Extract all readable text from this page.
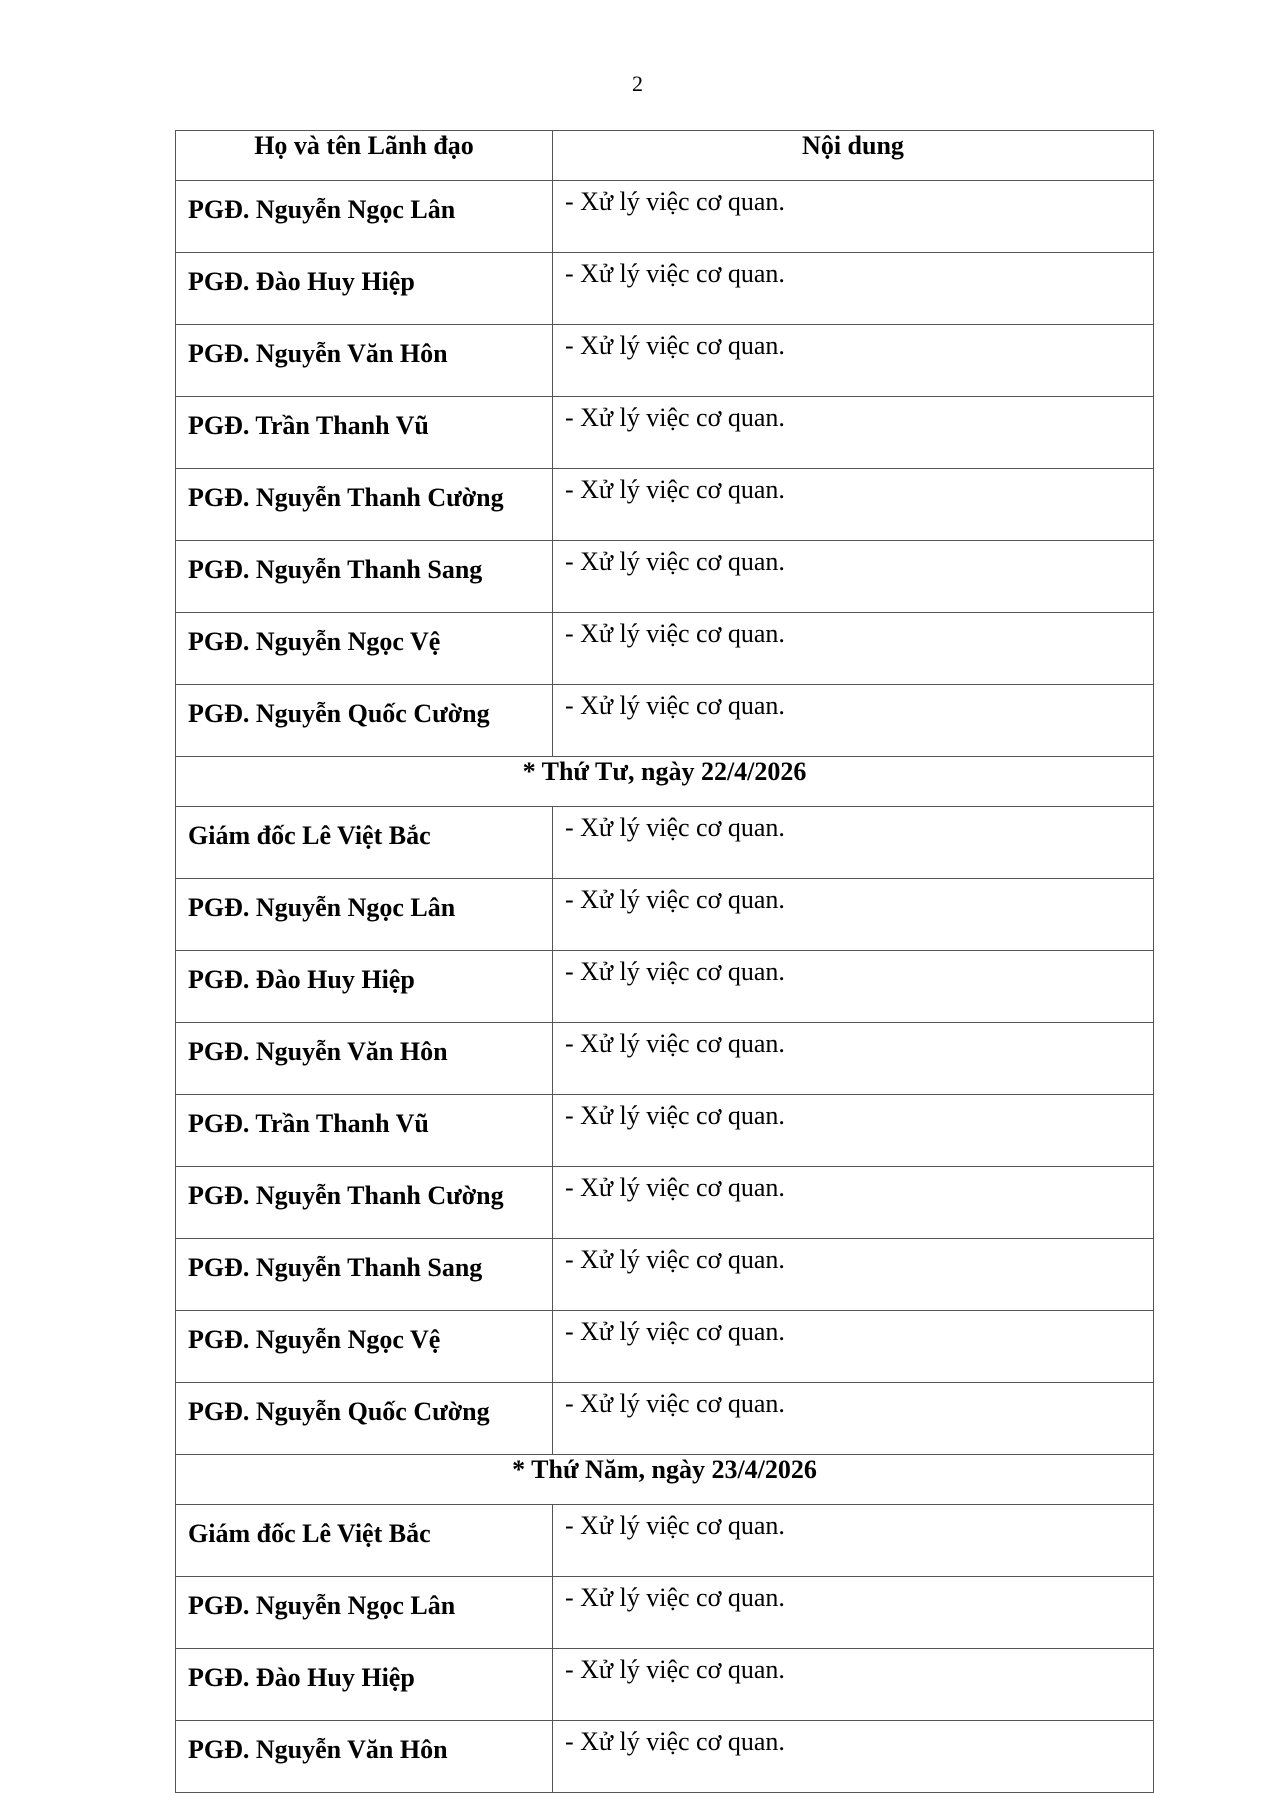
2
Họ và tên Lãnh đạo	Nội dung
PGĐ. Nguyễn Ngọc Lân	- Xử lý việc cơ quan.
PGĐ. Đào Huy Hiệp	- Xử lý việc cơ quan.
PGĐ. Nguyễn Văn Hôn	- Xử lý việc cơ quan.
PGĐ. Trần Thanh Vũ	- Xử lý việc cơ quan.
PGĐ. Nguyễn Thanh Cường	- Xử lý việc cơ quan.
PGĐ. Nguyễn Thanh Sang	- Xử lý việc cơ quan.
PGĐ. Nguyễn Ngọc Vệ	- Xử lý việc cơ quan.
PGĐ. Nguyễn Quốc Cường	- Xử lý việc cơ quan.
* Thứ Tư, ngày 22/4/2026	
Giám đốc Lê Việt Bắc	- Xử lý việc cơ quan.
PGĐ. Nguyễn Ngọc Lân	- Xử lý việc cơ quan.
PGĐ. Đào Huy Hiệp	- Xử lý việc cơ quan.
PGĐ. Nguyễn Văn Hôn	- Xử lý việc cơ quan.
PGĐ. Trần Thanh Vũ	- Xử lý việc cơ quan.
PGĐ. Nguyễn Thanh Cường	- Xử lý việc cơ quan.
PGĐ. Nguyễn Thanh Sang	- Xử lý việc cơ quan.
PGĐ. Nguyễn Ngọc Vệ	- Xử lý việc cơ quan.
PGĐ. Nguyễn Quốc Cường	- Xử lý việc cơ quan.
* Thứ Năm, ngày 23/4/2026	
Giám đốc Lê Việt Bắc	- Xử lý việc cơ quan.
PGĐ. Nguyễn Ngọc Lân	- Xử lý việc cơ quan.
PGĐ. Đào Huy Hiệp	- Xử lý việc cơ quan.
PGĐ. Nguyễn Văn Hôn	- Xử lý việc cơ quan.
